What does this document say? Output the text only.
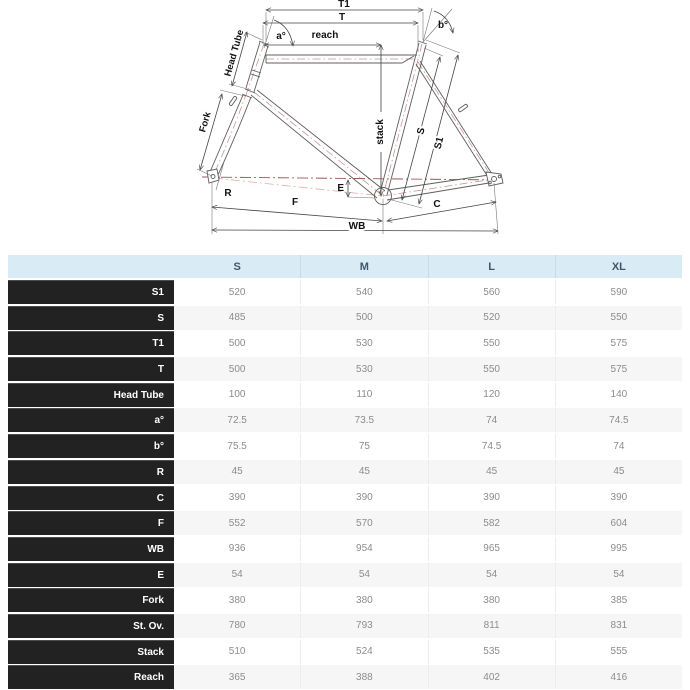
T1
T
reach
a°
b°
Head Tube
Fork	stack	S
S1
R	E
F	C
WB
S	M	L	XL
S1	520	540	560	590
S	485	500	520	550
T1	500	530	550	575
T	500	530	550	575
Head Tube	100	110	120	140
a°	72.5	73.5	74	74.5
b°	75.5	75	74.5	74
R	45	45	45	45
C	390	390	390	390
F	552	570	582	604
WB	936	954	965	995
E	54	54	54	54
Fork	380	380	380	385
St. Ov.	780	793	811	831
Stack	510	524	535	555
Reach	365	388	402	416
